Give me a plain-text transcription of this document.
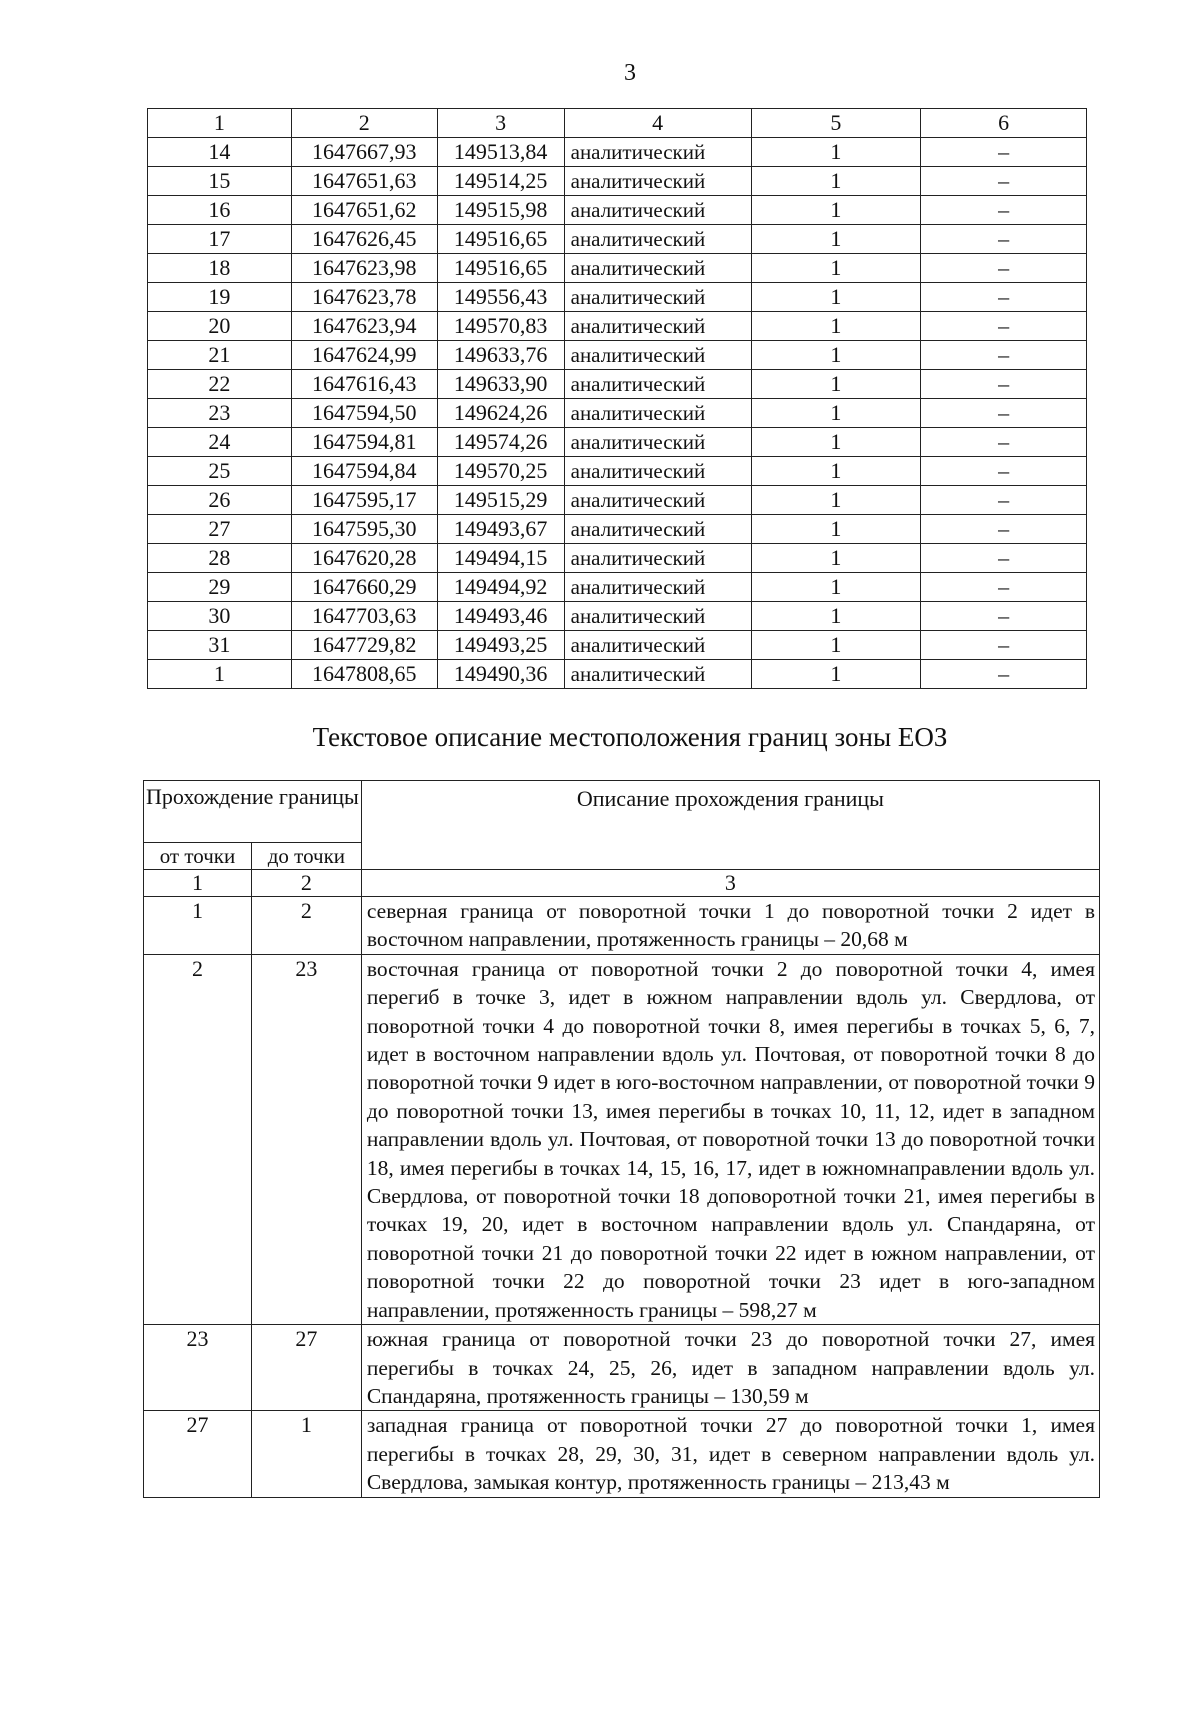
3
1	2	3	4	5	6
14	1647667,93	149513,84	аналитический	1	–
15	1647651,63	149514,25	аналитический	1	–
16	1647651,62	149515,98	аналитический	1	–
17	1647626,45	149516,65	аналитический	1	–
18	1647623,98	149516,65	аналитический	1	–
19	1647623,78	149556,43	аналитический	1	–
20	1647623,94	149570,83	аналитический	1	–
21	1647624,99	149633,76	аналитический	1	–
22	1647616,43	149633,90	аналитический	1	–
23	1647594,50	149624,26	аналитический	1	–
24	1647594,81	149574,26	аналитический	1	–
25	1647594,84	149570,25	аналитический	1	–
26	1647595,17	149515,29	аналитический	1	–
27	1647595,30	149493,67	аналитический	1	–
28	1647620,28	149494,15	аналитический	1	–
29	1647660,29	149494,92	аналитический	1	–
30	1647703,63	149493,46	аналитический	1	–
31	1647729,82	149493,25	аналитический	1	–
1	1647808,65	149490,36	аналитический	1	–
Текстовое описание местоположения границ зоны ЕОЗ
Прохождение границы		Описание прохождения границы
от точки	до точки	
1	2	3
1	2	северная граница от поворотной точки 1 до поворотной точки 2 идет в восточном направлении, протяженность границы – 20,68 м
2	23	восточная граница от поворотной точки 2 до поворотной точки 4, имея перегиб в точке 3, идет в южном направлении вдоль ул. Свердлова, от поворотной точки 4 до поворотной точки 8, имея перегибы в точках 5, 6, 7, идет в восточном направлении вдоль ул. Почтовая, от поворотной точки 8 до поворотной точки 9 идет в юго-восточном направлении, от поворотной точки 9 до поворотной точки 13, имея перегибы в точках 10, 11, 12, идет в западном направлении вдоль ул. Почтовая, от поворотной точки 13 до поворотной точки 18, имея перегибы в точках 14, 15, 16, 17, идет в южномнаправлении вдоль ул. Свердлова, от поворотной точки 18 доповоротной точки 21, имея перегибы в точках 19, 20, идет в восточном направлении вдоль ул. Спандаряна, от поворотной точки 21 до поворотной точки 22 идет в южном направлении, от поворотной точки 22 до поворотной точки 23 идет в юго-западном направлении, протяженность границы – 598,27 м
23	27	южная граница от поворотной точки 23 до поворотной точки 27, имея перегибы в точках 24, 25, 26, идет в западном направлении вдоль ул. Спандаряна, протяженность границы – 130,59 м
27	1	западная граница от поворотной точки 27 до поворотной точки 1, имея перегибы в точках 28, 29, 30, 31, идет в северном направлении вдоль ул. Свердлова, замыкая контур, протяженность границы – 213,43 м
